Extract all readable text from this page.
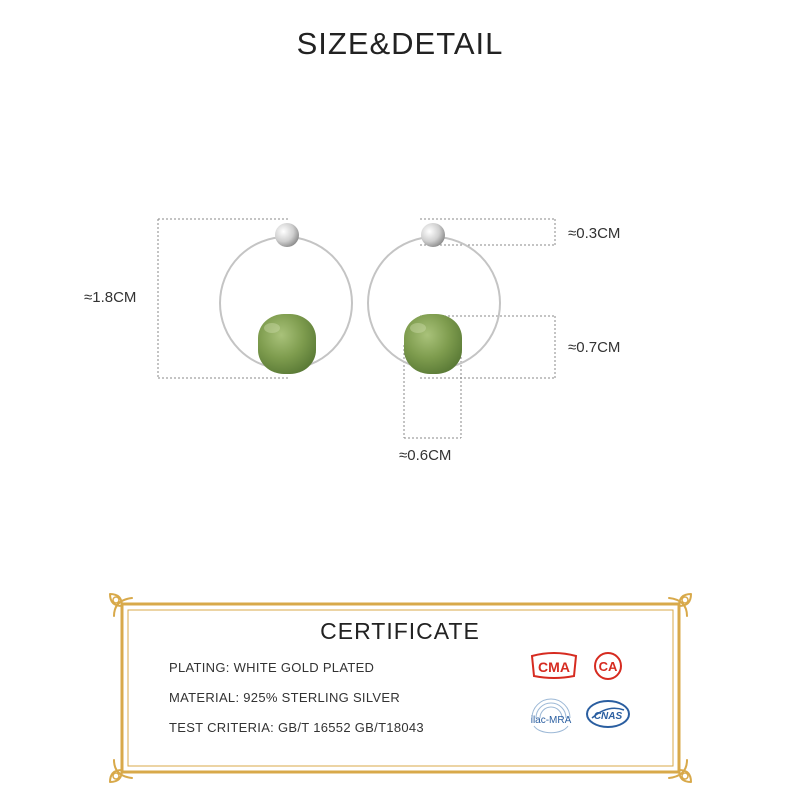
SIZE&DETAIL
≈1.8CM
≈0.3CM
≈0.7CM
≈0.6CM
CERTIFICATE
PLATING: WHITE GOLD PLATED
MATERIAL: 925% STERLING SILVER
TEST CRITERIA: GB/T 16552 GB/T18043
CMA CA
ilac-MRA CNAS
